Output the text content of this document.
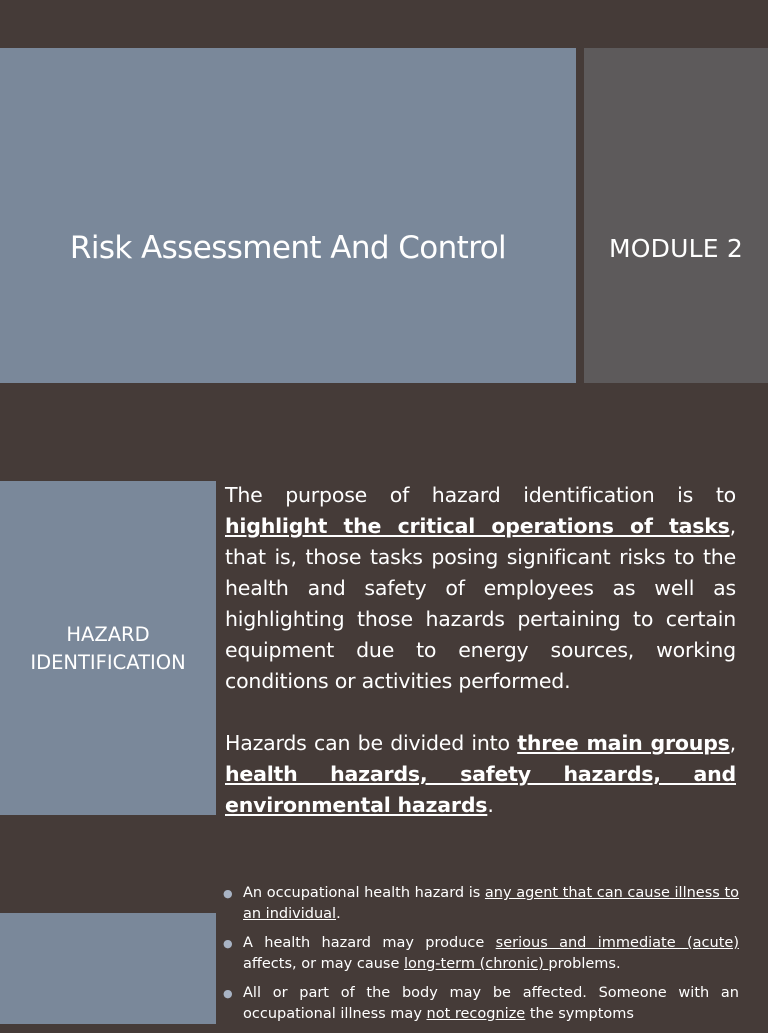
Risk Assessment And Control	MODULE 2
HAZARD
IDENTIFICATION

The purpose of hazard identification is to highlight the critical operations of tasks, that is, those tasks posing significant risks to the health and safety of employees as well as highlighting those hazards pertaining to certain equipment due to energy sources, working conditions or activities performed.

Hazards can be divided into three main groups, health hazards, safety hazards, and environmental hazards.

● An occupational health hazard is any agent that can cause illness to an individual.
● A health hazard may produce serious and immediate (acute) affects, or may cause long-term (chronic) problems.
● All or part of the body may be affected. Someone with an occupational illness may not recognize the symptoms
